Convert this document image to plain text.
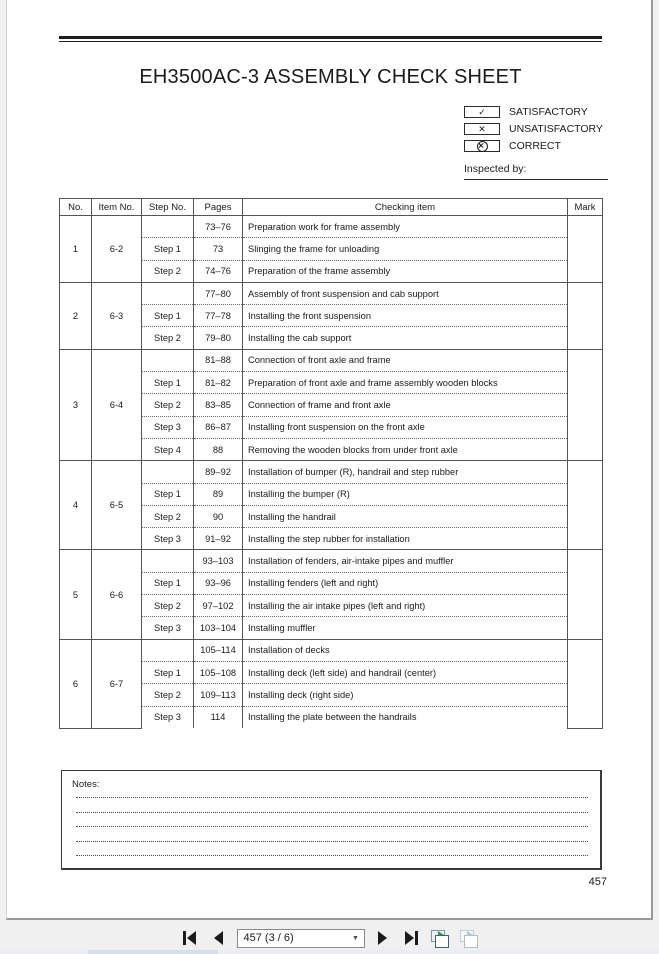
EH3500AC-3 ASSEMBLY CHECK SHEET
✓	SATISFACTORY
✕	UNSATISFACTORY
CORRECT
Inspected by:
No.	Item No.	Step No.	Pages	Checking item	Mark
1	6-2		73–76	Preparation work for frame assembly	
		Step 1	73	Slinging the frame for unloading	
		Step 2	74–76	Preparation of the frame assembly	
2	6-3		77–80	Assembly of front suspension and cab support	
		Step 1	77–78	Installing the front suspension	
		Step 2	79–80	Installing the cab support	
3	6-4		81–88	Connection of front axle and frame	
		Step 1	81–82	Preparation of front axle and frame assembly wooden blocks	
		Step 2	83–85	Connection of frame and front axle	
		Step 3	86–87	Installing front suspension on the front axle	
		Step 4	88	Removing the wooden blocks from under front axle	
4	6-5		89–92	Installation of bumper (R), handrail and step rubber	
		Step 1	89	Installing the bumper (R)	
		Step 2	90	Installing the handrail	
		Step 3	91–92	Installing the step rubber for installation	
5	6-6		93–103	Installation of fenders, air-intake pipes and muffler	
		Step 1	93–96	Installing fenders (left and right)	
		Step 2	97–102	Installing the air intake pipes (left and right)	
		Step 3	103–104	Installing muffler	
6	6-7		105–114	Installation of decks	
		Step 1	105–108	Installing deck (left side) and handrail (center)	
		Step 2	109–113	Installing deck (right side)	
		Step 3	114	Installing the plate between the handrails	
Notes:
457
457 (3 / 6)	▼
